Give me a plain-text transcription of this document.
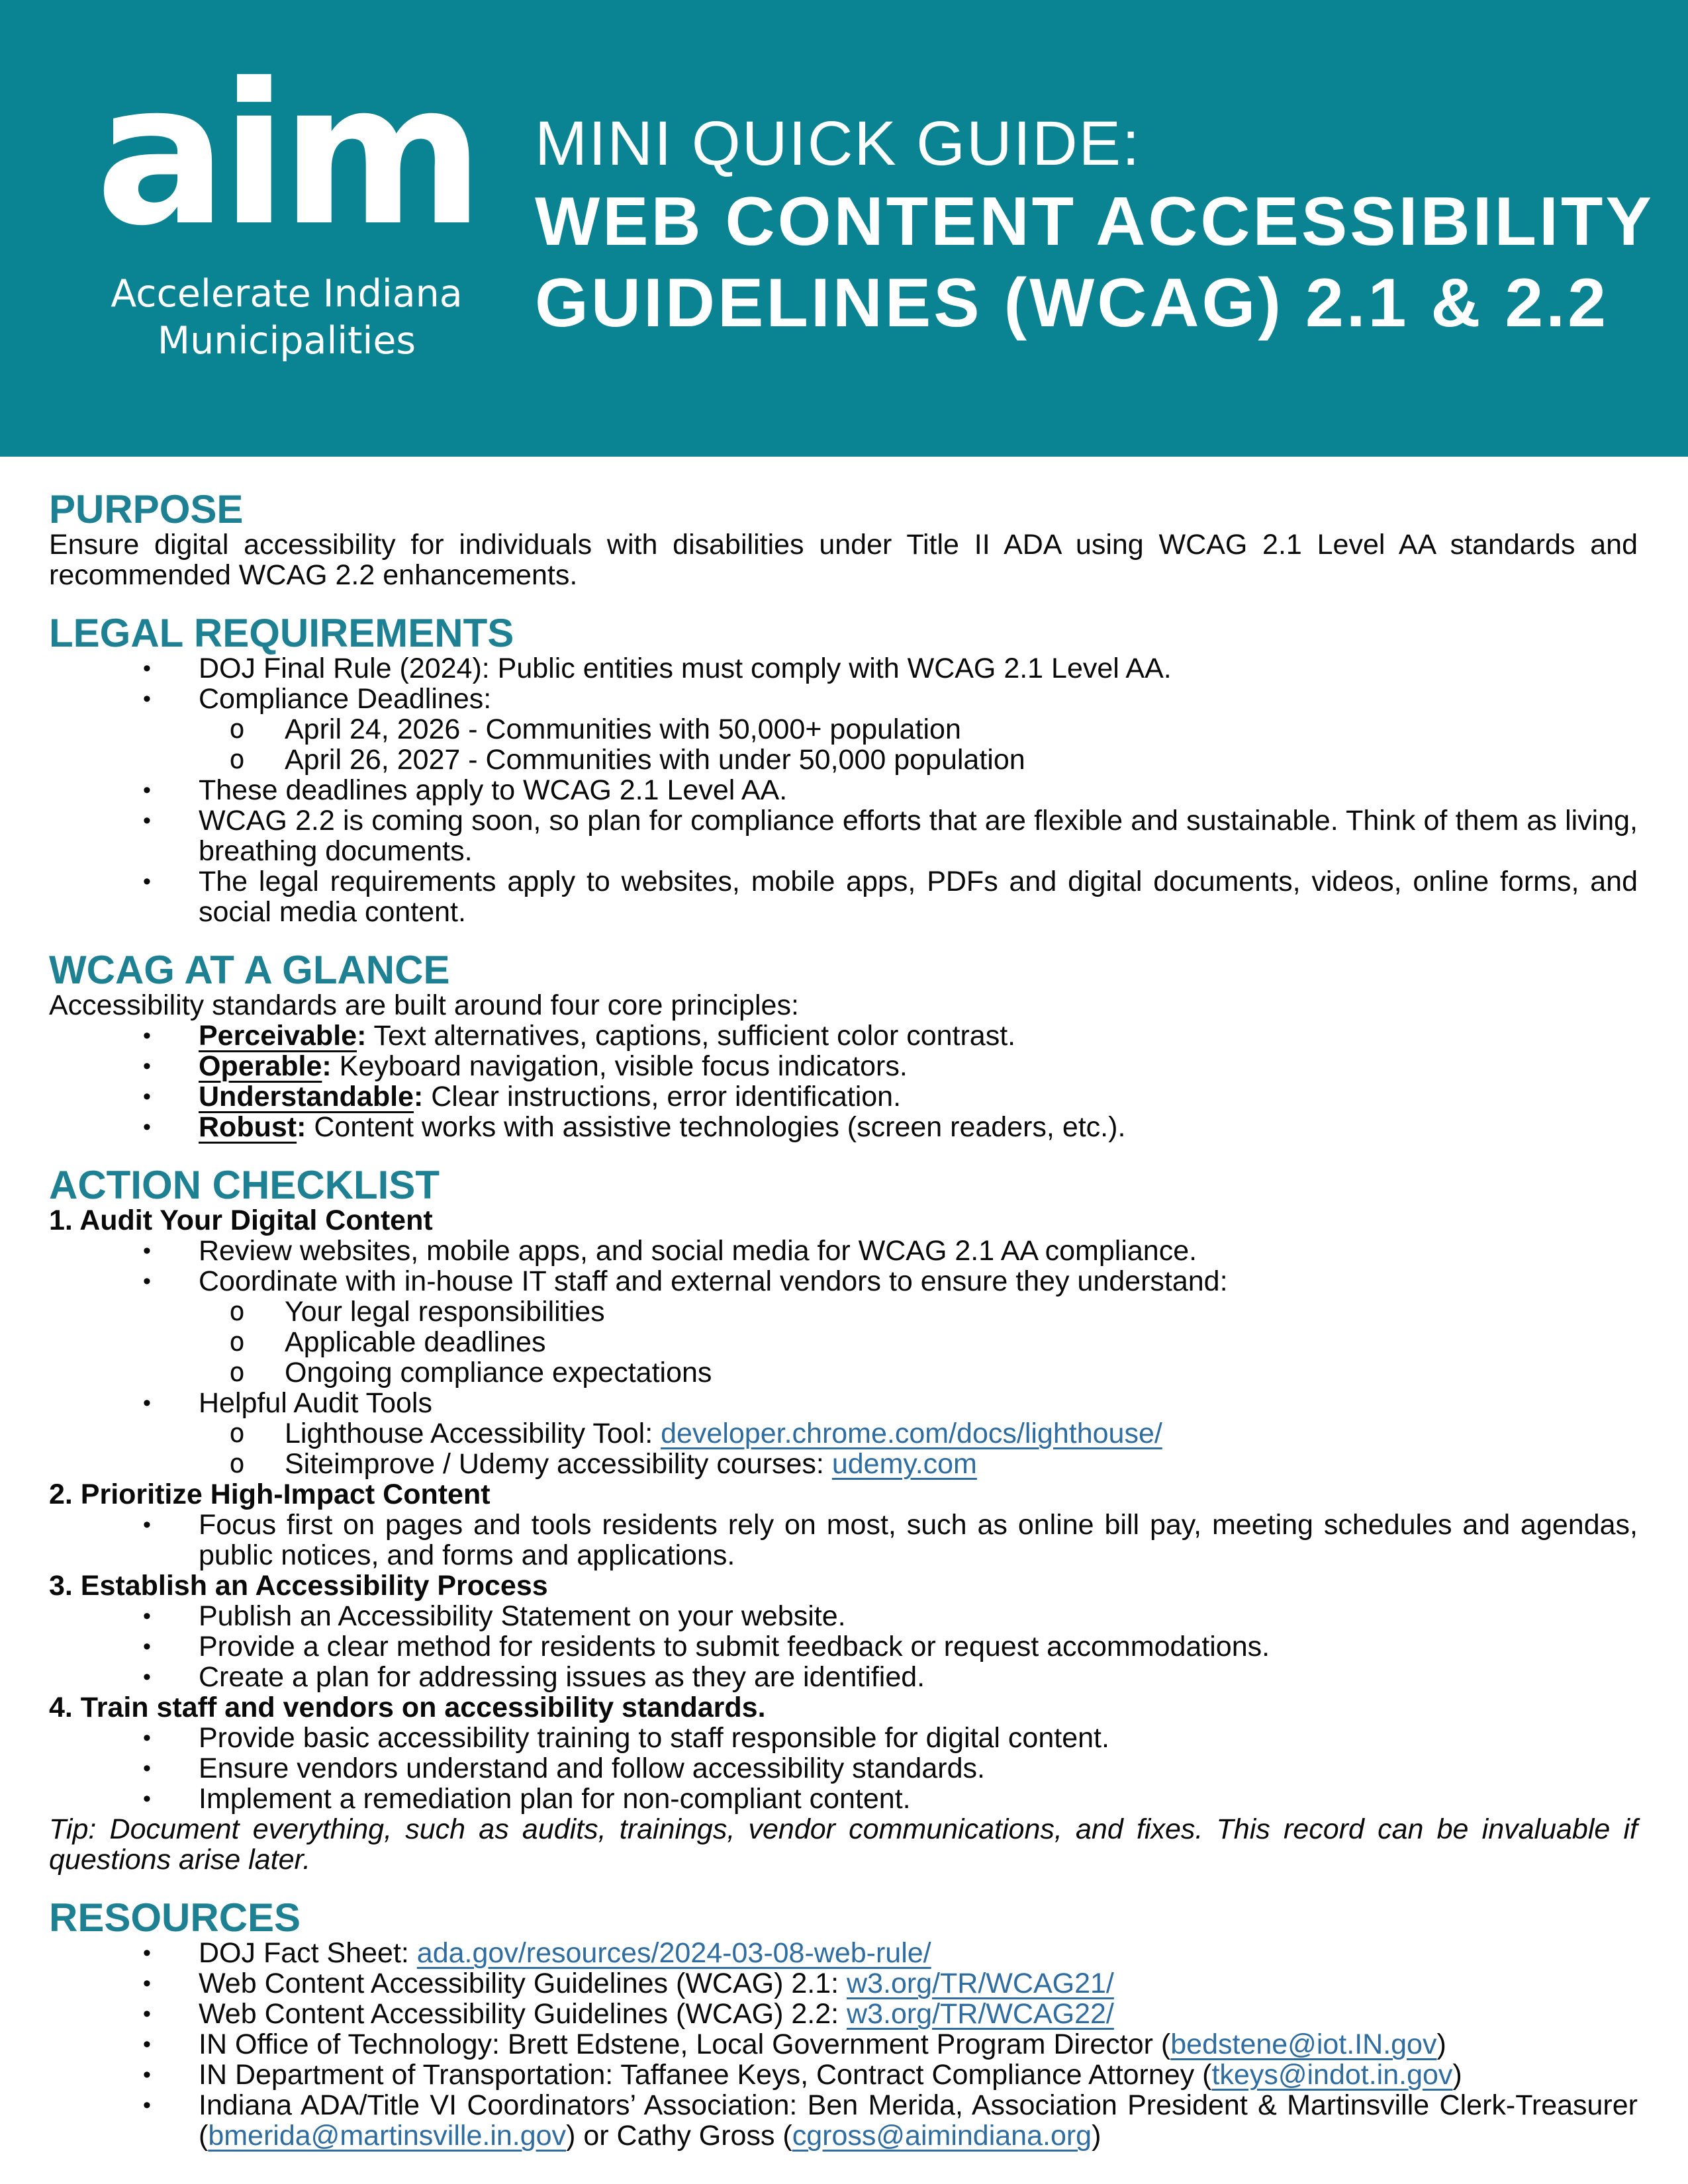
aim
Accelerate Indiana
Municipalities
MINI QUICK GUIDE:
WEB CONTENT ACCESSIBILITY
GUIDELINES (WCAG) 2.1 & 2.2
PURPOSE
Ensure digital accessibility for individuals with disabilities under Title II ADA using WCAG 2.1 Level AA standards and recommended WCAG 2.2 enhancements.
LEGAL REQUIREMENTS
•	DOJ Final Rule (2024): Public entities must comply with WCAG 2.1 Level AA.
•	Compliance Deadlines:
o	April 24, 2026 - Communities with 50,000+ population
o	April 26, 2027 - Communities with under 50,000 population
•	These deadlines apply to WCAG 2.1 Level AA.
•	WCAG 2.2 is coming soon, so plan for compliance efforts that are flexible and sustainable. Think of them as living, breathing documents.
•	The legal requirements apply to websites, mobile apps, PDFs and digital documents, videos, online forms, and social media content.
WCAG AT A GLANCE
Accessibility standards are built around four core principles:
•	Perceivable: Text alternatives, captions, sufficient color contrast.
•	Operable: Keyboard navigation, visible focus indicators.
•	Understandable: Clear instructions, error identification.
•	Robust: Content works with assistive technologies (screen readers, etc.).
ACTION CHECKLIST
1. Audit Your Digital Content
•	Review websites, mobile apps, and social media for WCAG 2.1 AA compliance.
•	Coordinate with in-house IT staff and external vendors to ensure they understand:
o	Your legal responsibilities
o	Applicable deadlines
o	Ongoing compliance expectations
•	Helpful Audit Tools
o	Lighthouse Accessibility Tool: developer.chrome.com/docs/lighthouse/
o	Siteimprove / Udemy accessibility courses: udemy.com
2. Prioritize High-Impact Content
•	Focus first on pages and tools residents rely on most, such as online bill pay, meeting schedules and agendas, public notices, and forms and applications.
3. Establish an Accessibility Process
•	Publish an Accessibility Statement on your website.
•	Provide a clear method for residents to submit feedback or request accommodations.
•	Create a plan for addressing issues as they are identified.
4. Train staff and vendors on accessibility standards.
•	Provide basic accessibility training to staff responsible for digital content.
•	Ensure vendors understand and follow accessibility standards.
•	Implement a remediation plan for non-compliant content.
Tip: Document everything, such as audits, trainings, vendor communications, and fixes. This record can be invaluable if questions arise later.
RESOURCES
•	DOJ Fact Sheet: ada.gov/resources/2024-03-08-web-rule/
•	Web Content Accessibility Guidelines (WCAG) 2.1: w3.org/TR/WCAG21/
•	Web Content Accessibility Guidelines (WCAG) 2.2: w3.org/TR/WCAG22/
•	IN Office of Technology: Brett Edstene, Local Government Program Director (bedstene@iot.IN.gov)
•	IN Department of Transportation: Taffanee Keys, Contract Compliance Attorney (tkeys@indot.in.gov)
•	Indiana ADA/Title VI Coordinators’ Association: Ben Merida, Association President & Martinsville Clerk-Treasurer (bmerida@martinsville.in.gov) or Cathy Gross (cgross@aimindiana.org)
